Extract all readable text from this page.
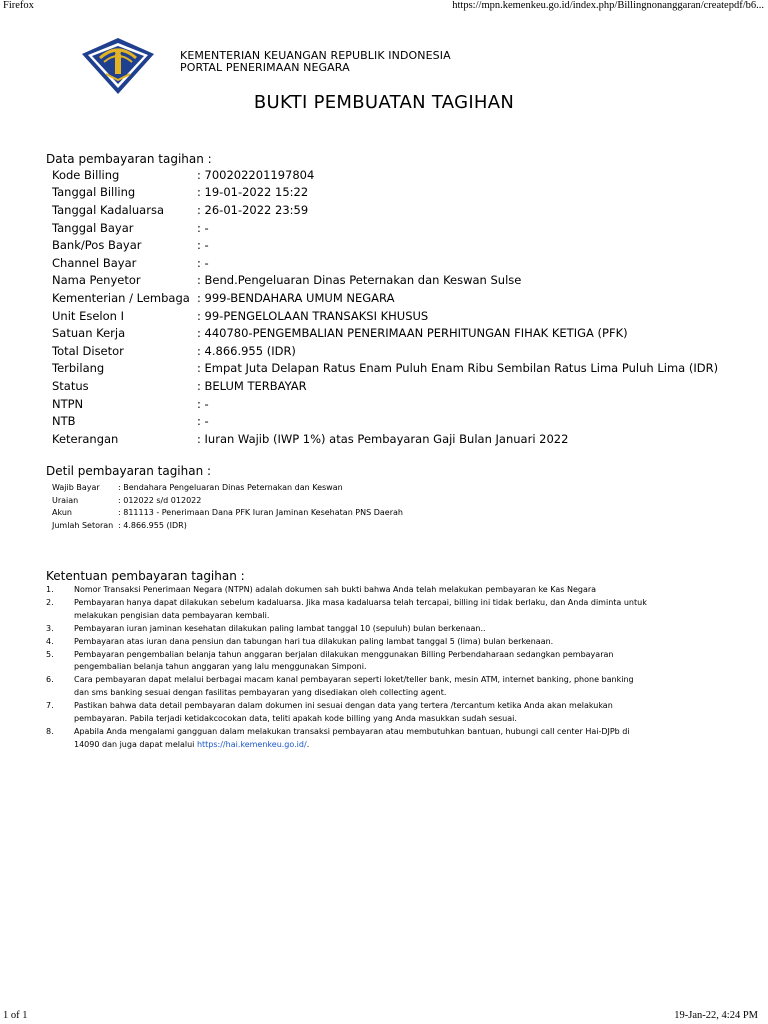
Firefox	https://mpn.kemenkeu.go.id/index.php/Billingnonanggaran/createpdf/b6...
KEMENTERIAN KEUANGAN REPUBLIK INDONESIA
PORTAL PENERIMAAN NEGARA
BUKTI PEMBUATAN TAGIHAN
Data pembayaran tagihan :
Kode Billing	: 700202201197804
Tanggal Billing	: 19-01-2022 15:22
Tanggal Kadaluarsa	: 26-01-2022 23:59
Tanggal Bayar	: -
Bank/Pos Bayar	: -
Channel Bayar	: -
Nama Penyetor	: Bend.Pengeluaran Dinas Peternakan dan Keswan Sulse
Kementerian / Lembaga	: 999-BENDAHARA UMUM NEGARA
Unit Eselon I	: 99-PENGELOLAAN TRANSAKSI KHUSUS
Satuan Kerja	: 440780-PENGEMBALIAN PENERIMAAN PERHITUNGAN FIHAK KETIGA (PFK)
Total Disetor	: 4.866.955 (IDR)
Terbilang	: Empat Juta Delapan Ratus Enam Puluh Enam Ribu Sembilan Ratus Lima Puluh Lima (IDR)
Status	: BELUM TERBAYAR
NTPN	: -
NTB	: -
Keterangan	: Iuran Wajib (IWP 1%) atas Pembayaran Gaji Bulan Januari 2022
Detil pembayaran tagihan :
Wajib Bayar	: Bendahara Pengeluaran Dinas Peternakan dan Keswan
Uraian	: 012022 s/d 012022
Akun	: 811113 - Penerimaan Dana PFK Iuran Jaminan Kesehatan PNS Daerah
Jumlah Setoran	: 4.866.955 (IDR)
Ketentuan pembayaran tagihan :
1.	Nomor Transaksi Penerimaan Negara (NTPN) adalah dokumen sah bukti bahwa Anda telah melakukan pembayaran ke Kas Negara
2.	Pembayaran hanya dapat dilakukan sebelum kadaluarsa. Jika masa kadaluarsa telah tercapai, billing ini tidak berlaku, dan Anda diminta untuk melakukan pengisian data pembayaran kembali.
3.	Pembayaran iuran jaminan kesehatan dilakukan paling lambat tanggal 10 (sepuluh) bulan berkenaan..
4.	Pembayaran atas iuran dana pensiun dan tabungan hari tua dilakukan paling lambat tanggal 5 (lima) bulan berkenaan.
5.	Pembayaran pengembalian belanja tahun anggaran berjalan dilakukan menggunakan Billing Perbendaharaan sedangkan pembayaran pengembalian belanja tahun anggaran yang lalu menggunakan Simponi.
6.	Cara pembayaran dapat melalui berbagai macam kanal pembayaran seperti loket/teller bank, mesin ATM, internet banking, phone banking dan sms banking sesuai dengan fasilitas pembayaran yang disediakan oleh collecting agent.
7.	Pastikan bahwa data detail pembayaran dalam dokumen ini sesuai dengan data yang tertera /tercantum ketika Anda akan melakukan pembayaran. Pabila terjadi ketidakcocokan data, teliti apakah kode billing yang Anda masukkan sudah sesuai.
8.	Apabila Anda mengalami gangguan dalam melakukan transaksi pembayaran atau membutuhkan bantuan, hubungi call center Hai-DJPb di 14090 dan juga dapat melalui https://hai.kemenkeu.go.id/.
1 of 1	19-Jan-22, 4:24 PM
